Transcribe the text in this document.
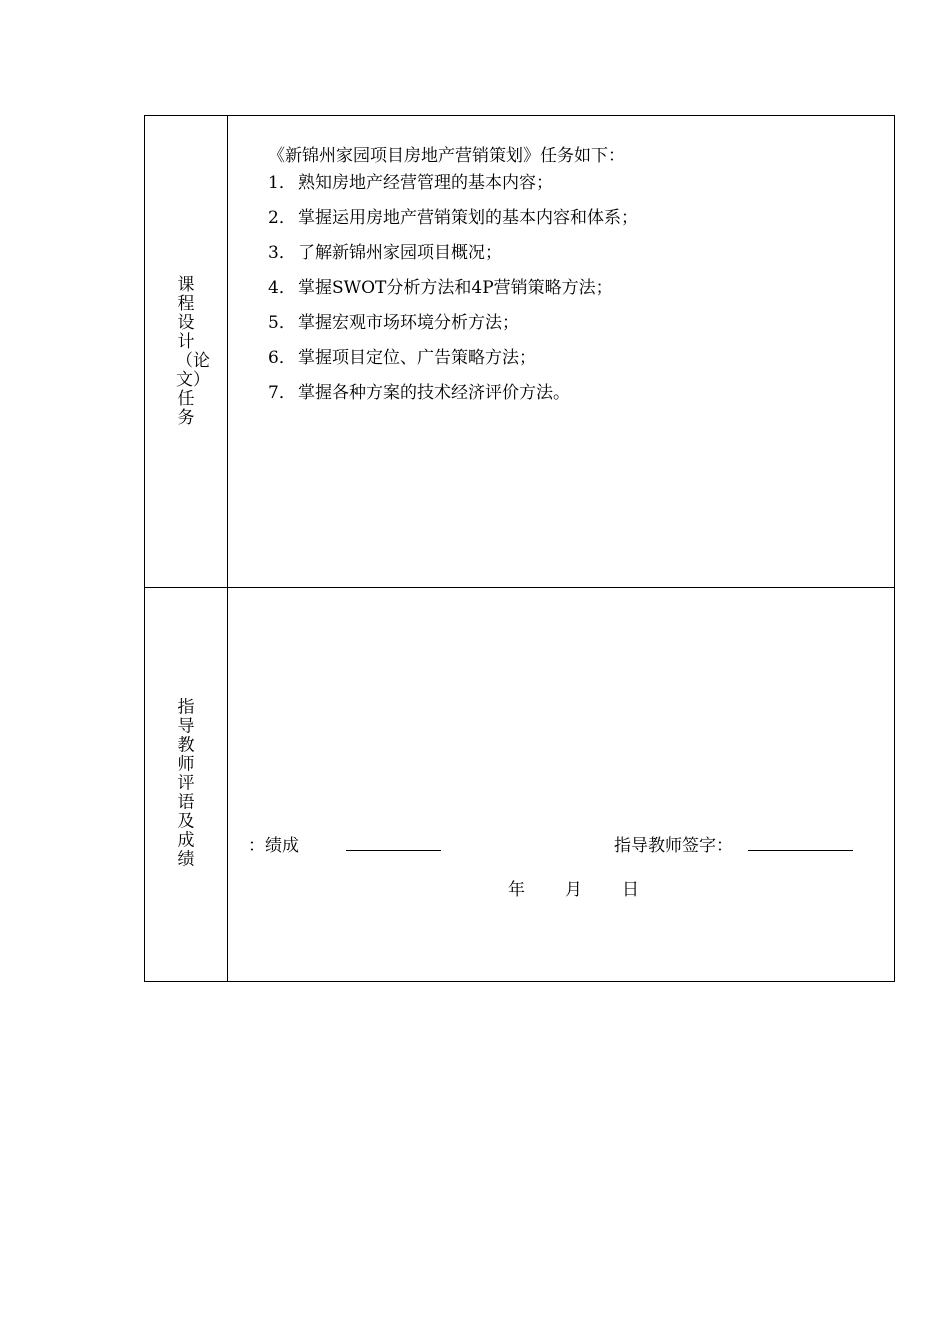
课程设计（论文）任务
《新锦州家园项目房地产营销策划》任务如下：
1． 熟知房地产经营管理的基本内容；
2． 掌握运用房地产营销策划的基本内容和体系；
3． 了解新锦州家园项目概况；
4． 掌握SWOT分析方法和4P营销策略方法；
5． 掌握宏观市场环境分析方法；
6． 掌握项目定位、广告策略方法；
7． 掌握各种方案的技术经济评价方法。
指导教师评语及成绩
：绩成	指导教师签字：
年 月 日
